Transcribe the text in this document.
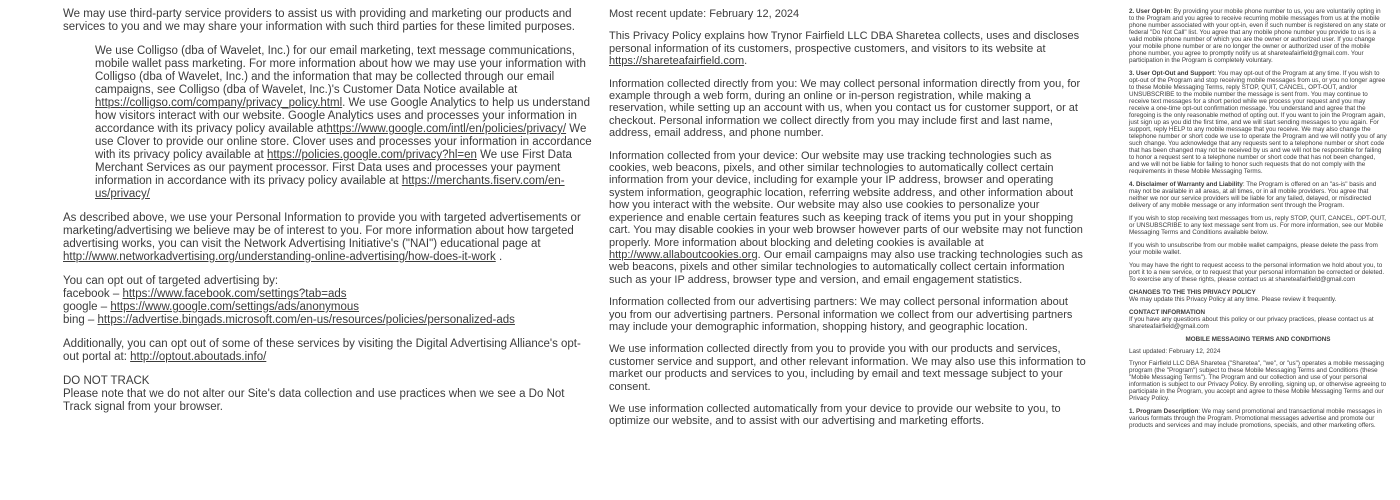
We may use third-party service providers to assist us with providing and marketing our products and services to you and we may share your information with such third parties for these limited purposes.

We use Colligso (dba of Wavelet, Inc.) for our email marketing, text message communications, mobile wallet pass marketing. For more information about how we may use your information with Colligso (dba of Wavelet, Inc.) and the information that may be collected through our email campaigns, see Colligso (dba of Wavelet, Inc.)'s Customer Data Notice available at https://colligso.com/company/privacy_policy.html. We use Google Analytics to help us understand how visitors interact with our website. Google Analytics uses and processes your information in accordance with its privacy policy available athttps://www.google.com/intl/en/policies/privacy/ We use Clover to provide our online store. Clover uses and processes your information in accordance with its privacy policy available at https://policies.google.com/privacy?hl=en We use First Data Merchant Services as our payment processor. First Data uses and processes your payment information in accordance with its privacy policy available at https://merchants.fiserv.com/en-us/privacy/

As described above, we use your Personal Information to provide you with targeted advertisements or marketing/advertising we believe may be of interest to you. For more information about how targeted advertising works, you can visit the Network Advertising Initiative's ("NAI") educational page at http://www.networkadvertising.org/understanding-online-advertising/how-does-it-work .

You can opt out of targeted advertising by:
facebook – https://www.facebook.com/settings?tab=ads
google – https://www.google.com/settings/ads/anonymous
bing – https://advertise.bingads.microsoft.com/en-us/resources/policies/personalized-ads

Additionally, you can opt out of some of these services by visiting the Digital Advertising Alliance's opt-out portal at: http://optout.aboutads.info/

DO NOT TRACK
Please note that we do not alter our Site's data collection and use practices when we see a Do Not Track signal from your browser.

Most recent update: February 12, 2024

This Privacy Policy explains how Trynor Fairfield LLC DBA Sharetea collects, uses and discloses personal information of its customers, prospective customers, and visitors to its website at https://shareteafairfield.com.

Information collected directly from you: We may collect personal information directly from you, for example through a web form, during an online or in-person registration, while making a reservation, while setting up an account with us, when you contact us for customer support, or at checkout. Personal information we collect directly from you may include first and last name, address, email address, and phone number.

Information collected from your device: Our website may use tracking technologies such as cookies, web beacons, pixels, and other similar technologies to automatically collect certain information from your device, including for example your IP address, browser and operating system information, geographic location, referring website address, and other information about how you interact with the website. Our website may also use cookies to personalize your experience and enable certain features such as keeping track of items you put in your shopping cart. You may disable cookies in your web browser however parts of our website may not function properly. More information about blocking and deleting cookies is available at http://www.allaboutcookies.org. Our email campaigns may also use tracking technologies such as web beacons, pixels and other similar technologies to automatically collect certain information such as your IP address, browser type and version, and email engagement statistics.

Information collected from our advertising partners: We may collect personal information about you from our advertising partners. Personal information we collect from our advertising partners may include your demographic information, shopping history, and geographic location.

We use information collected directly from you to provide you with our products and services, customer service and support, and other relevant information. We may also use this information to market our products and services to you, including by email and text message subject to your consent.

We use information collected automatically from your device to provide our website to you, to optimize our website, and to assist with our advertising and marketing efforts.

2. User Opt-In: By providing your mobile phone number to us, you are voluntarily opting in to the Program and you agree to receive recurring mobile messages from us at the mobile phone number associated with your opt-in, even if such number is registered on any state or federal "Do Not Call" list. You agree that any mobile phone number you provide to us is a valid mobile phone number of which you are the owner or authorized user. If you change your mobile phone number or are no longer the owner or authorized user of the mobile phone number, you agree to promptly notify us at shareteafairfield@gmail.com. Your participation in the Program is completely voluntary.

3. User Opt-Out and Support: You may opt-out of the Program at any time. If you wish to opt-out of the Program and stop receiving mobile messages from us, or you no longer agree to these Mobile Messaging Terms, reply STOP, QUIT, CANCEL, OPT-OUT, and/or UNSUBSCRIBE to the mobile number the message is sent from. You may continue to receive text messages for a short period while we process your request and you may receive a one-time opt-out confirmation message. You understand and agree that the foregoing is the only reasonable method of opting out. If you want to join the Program again, just sign up as you did the first time, and we will start sending messages to you again. For support, reply HELP to any mobile message that you receive. We may also change the telephone number or short code we use to operate the Program and we will notify you of any such change. You acknowledge that any requests sent to a telephone number or short code that has been changed may not be received by us and we will not be responsible for failing to honor a request sent to a telephone number or short code that has not been changed, and we will not be liable for failing to honor such requests that do not comply with the requirements in these Mobile Messaging Terms.

4. Disclaimer of Warranty and Liability: The Program is offered on an "as-is" basis and may not be available in all areas, at all times, or in all mobile providers. You agree that neither we nor our service providers will be liable for any failed, delayed, or misdirected delivery of any mobile message or any information sent through the Program.

If you wish to stop receiving text messages from us, reply STOP, QUIT, CANCEL, OPT-OUT, or UNSUBSCRIBE to any text message sent from us. For more information, see our Mobile Messaging Terms and Conditions available below.

If you wish to unsubscribe from our mobile wallet campaigns, please delete the pass from your mobile wallet.

You may have the right to request access to the personal information we hold about you, to port it to a new service, or to request that your personal information be corrected or deleted. To exercise any of these rights, please contact us at shareteafairfield@gmail.com

CHANGES TO THE THIS PRIVACY POLICY

We may update this Privacy Policy at any time. Please review it frequently.

CONTACT INFORMATION

If you have any questions about this policy or our privacy practices, please contact us at shareteafairfield@gmail.com

MOBILE MESSAGING TERMS AND CONDITIONS
Last updated: February 12, 2024

Trynor Fairfield LLC DBA Sharetea ("Sharetea", "we", or "us") operates a mobile messaging program (the "Program") subject to these Mobile Messaging Terms and Conditions (these "Mobile Messaging Terms"). The Program and our collection and use of your personal information is subject to our Privacy Policy. By enrolling, signing up, or otherwise agreeing to participate in the Program, you accept and agree to these Mobile Messaging Terms and our Privacy Policy.

1. Program Description: We may send promotional and transactional mobile messages in various formats through the Program. Promotional messages advertise and promote our products and services and may include promotions, specials, and other marketing offers.
